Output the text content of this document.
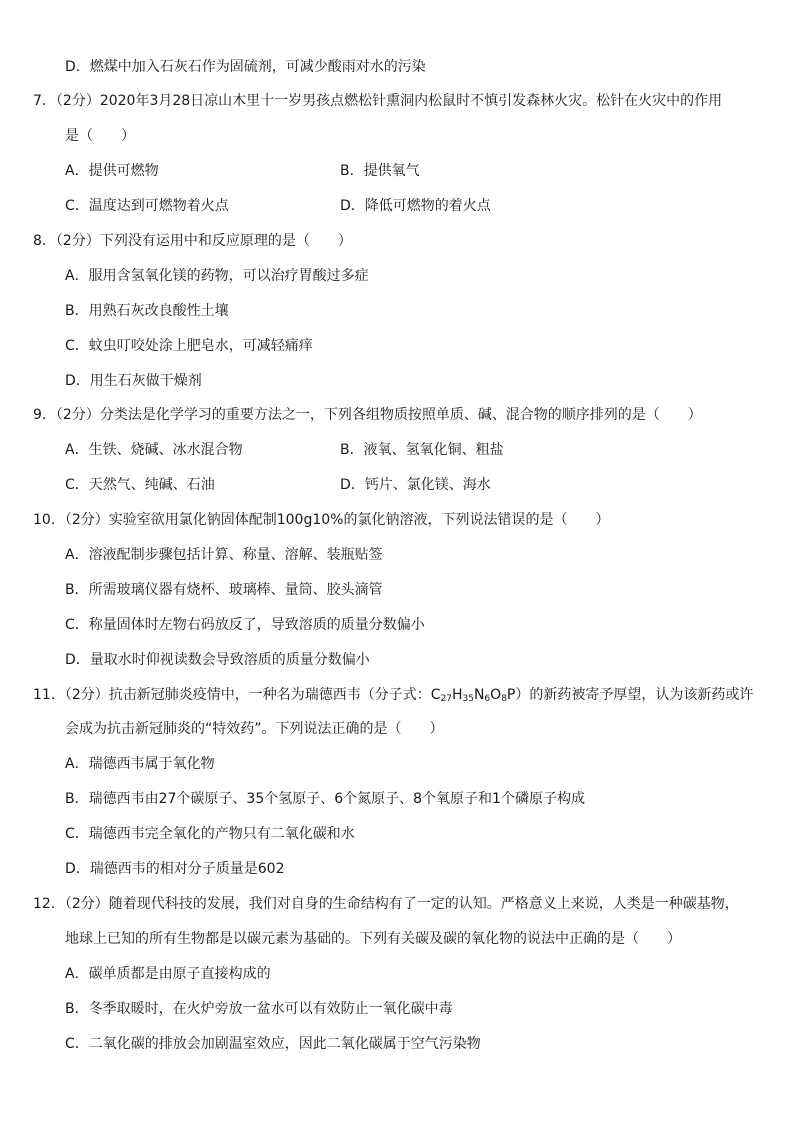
D．燃煤中加入石灰石作为固硫剂，可减少酸雨对水的污染
7．（2分）2020年3月28日凉山木里十一岁男孩点燃松针熏洞内松鼠时不慎引发森林火灾。松针在火灾中的作用
是（　　）
A．提供可燃物	B．提供氧气
C．温度达到可燃物着火点	D．降低可燃物的着火点
8．（2分）下列没有运用中和反应原理的是（　　）
A．服用含氢氧化镁的药物，可以治疗胃酸过多症
B．用熟石灰改良酸性土壤
C．蚊虫叮咬处涂上肥皂水，可减轻痛痒
D．用生石灰做干燥剂
9．（2分）分类法是化学学习的重要方法之一，下列各组物质按照单质、碱、混合物的顺序排列的是（　　）
A．生铁、烧碱、冰水混合物	B．液氧、氢氧化铜、粗盐
C．天然气、纯碱、石油	D．钙片、氯化镁、海水
10．（2分）实验室欲用氯化钠固体配制100g10%的氯化钠溶液，下列说法错误的是（　　）
A．溶液配制步骤包括计算、称量、溶解、装瓶贴签
B．所需玻璃仪器有烧杯、玻璃棒、量筒、胶头滴管
C．称量固体时左物右码放反了，导致溶质的质量分数偏小
D．量取水时仰视读数会导致溶质的质量分数偏小
11．（2分）抗击新冠肺炎疫情中，一种名为瑞德西韦（分子式：$C_{27}H_{35}N_6O_8P$）的新药被寄予厚望，认为该新药或许
会成为抗击新冠肺炎的“特效药”。下列说法正确的是（　　）
A．瑞德西韦属于氧化物
B．瑞德西韦由27个碳原子、35个氢原子、6个氮原子、8个氧原子和1个磷原子构成
C．瑞德西韦完全氧化的产物只有二氧化碳和水
D．瑞德西韦的相对分子质量是602
12．（2分）随着现代科技的发展，我们对自身的生命结构有了一定的认知。严格意义上来说，人类是一种碳基物，
地球上已知的所有生物都是以碳元素为基础的。下列有关碳及碳的氧化物的说法中正确的是（　　）
A．碳单质都是由原子直接构成的
B．冬季取暖时，在火炉旁放一盆水可以有效防止一氧化碳中毒
C．二氧化碳的排放会加剧温室效应，因此二氧化碳属于空气污染物
